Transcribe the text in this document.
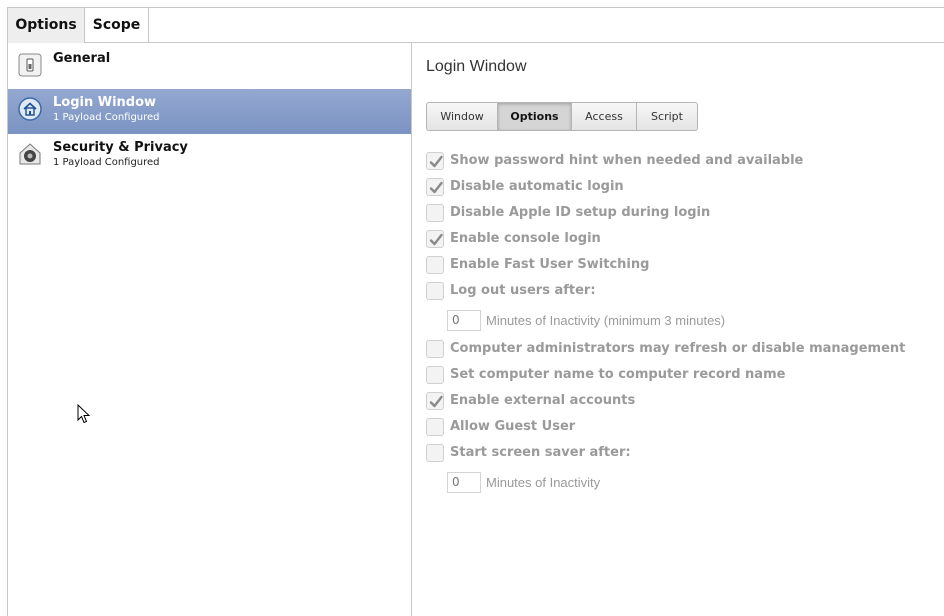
Options	Scope
General
Login Window
1 Payload Configured
Security & Privacy
1 Payload Configured
Login Window
Window	Options	Access	Script
Show password hint when needed and available
Disable automatic login
Disable Apple ID setup during login
Enable console login
Enable Fast User Switching
Log out users after:
0	Minutes of Inactivity (minimum 3 minutes)
Computer administrators may refresh or disable management
Set computer name to computer record name
Enable external accounts
Allow Guest User
Start screen saver after:
0	Minutes of Inactivity
